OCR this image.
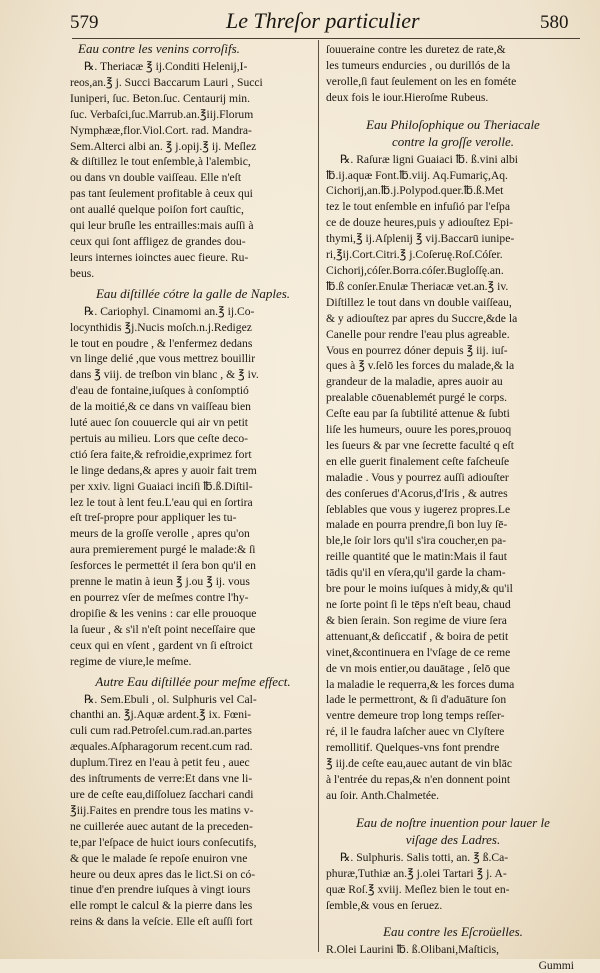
579	Le Threſor particulier	580
Eau contre les venins corroſifs.
℞. Theriacæ ℥ ij.Conditi Helenij,I-
reos,an.℥ j. Succi Baccarum Lauri , Succi
Iuniperi, ſuc. Beton.ſuc. Centaurij min.
ſuc. Verbaſci,ſuc.Marrub.an.℥iij.Florum
Nymphææ,flor.Viol.Cort. rad. Mandra-
Sem.Alterci albi an. ℥ j.opij.℥ ij. Meſlez
& diſtillez le tout enſemble,à l'alembic,
ou dans vn double vaiſſeau. Elle n'eſt
pas tant ſeulement profitable à ceux qui
ont auallé quelque poiſon fort cauſtic,
qui leur bruſle les entrailles:mais auſſi à
ceux qui ſont affligez de grandes dou-
leurs internes ioinctes auec fieure. Ru-
beus.
Eau diſtillée cótre la galle de Naples.
℞. Cariophyl. Cinamomi an.℥ ij.Co-
locynthidis ℥j.Nucis moſch.n.j.Redigez
le tout en poudre , & l'enfermez dedans
vn linge delié ,que vous mettrez bouillir
dans ℥ viij. de treſbon vin blanc , & ℥ iv.
d'eau de fontaine,iuſques à conſomptió
de la moitié,& ce dans vn vaiſſeau bien
luté auec ſon couuercle qui air vn petit
pertuis au milieu. Lors que ceſte deco-
ctió ſera faite,& refroidie,exprimez fort
le linge dedans,& apres y auoir fait trem
per xxiv. ligni Guaiaci inciſi ℔.ß.Diſtil-
lez le tout à lent feu.L'eau qui en ſortira
eſt treſ-propre pour appliquer les tu-
meurs de la groſſe verolle , apres qu'on
aura premierement purgé le malade:& ſi
ſesforces le permettét il ſera bon qu'il en
prenne le matin à ieun ℥ j.ou ℥ ij. vous
en pourrez vſer de meſmes contre l'hy-
dropiſie & les venins : car elle prouoque
la ſueur , & s'il n'eſt point neceſſaire que
ceux qui en vſent , gardent vn ſi eſtroict
regime de viure,le meſme.
Autre Eau diſtillée pour meſme effect.
℞. Sem.Ebuli , ol. Sulphuris vel Cal-
chanthi an. ℥j.Aquæ ardent.℥ ix. Fœni-
culi cum rad.Petroſel.cum.rad.an.partes
æquales.Aſpharagorum recent.cum rad.
duplum.Tirez en l'eau à petit feu , auec
des inſtruments de verre:Et dans vne li-
ure de ceſte eau,diſſoluez ſacchari candi
℥iij.Faites en prendre tous les matins v-
ne cuillerée auec autant de la preceden-
te,par l'eſpace de huict iours conſecutifs,
& que le malade ſe repoſe enuiron vne
heure ou deux apres das le lict.Si on có-
tinue d'en prendre iuſques à vingt iours
elle rompt le calcul & la pierre dans les
reins & dans la veſcie. Elle eſt auſſi fort
ſouueraine contre les duretez de rate,&
les tumeurs endurcies , ou durillós de la
verolle,ſi faut ſeulement on les en fométe
deux fois le iour.Hieroſme Rubeus.
Eau Philoſophique ou Theriacale
contre la groſſe verolle.
℞. Raſuræ ligni Guaiaci ℔. ß.vini albi
℔.ij.aquæ Font.℔.viij. Aq.Fumariç,Aq.
Cichorij,an.℔.j.Polypod.quer.℔.ß.Met
tez le tout enſemble en infuſió par l'eſpa
ce de douze heures,puis y adiouſtez Epi-
thymi,℥ ij.Aſplenij ℥ vij.Baccarū iunipe-
ri,℥ij.Cort.Citri.℥ j.Coſeruę.Roſ.Cóſer.
Cichorij,cóſer.Borra.cóſer.Bugloſſę.an.
℔.ß conſer.Enulæ Theriacæ vet.an.℥ iv.
Diſtillez le tout dans vn double vaiſſeau,
& y adiouſtez par apres du Succre,&de la
Canelle pour rendre l'eau plus agreable.
Vous en pourrez dóner depuis ℥ iij. iuſ-
ques à ℥ v.ſelō les forces du malade,& la
grandeur de la maladie, apres auoir au
prealable cōuenablemét purgé le corps.
Ceſte eau par ſa ſubtilité attenue & ſubti
liſe les humeurs, ouure les pores,prouoq
les ſueurs & par vne ſecrette faculté q eſt
en elle guerit finalement ceſte faſcheuſe
maladie . Vous y pourrez auſſi adiouſter
des conſerues d'Acorus,d'Iris , & autres
ſeblables que vous y iugerez propres.Le
malade en pourra prendre,ſi bon luy ſē-
ble,le ſoir lors qu'il s'ira coucher,en pa-
reille quantité que le matin:Mais il faut
tādis qu'il en vſera,qu'il garde la cham-
bre pour le moins iuſques à midy,& qu'il
ne ſorte point ſi le tēps n'eſt beau, chaud
& bien ſerain. Son regime de viure ſera
attenuant,& deſiccatif , & boira de petit
vinet,&continuera en l'vſage de ce reme
de vn mois entier,ou dauātage , ſelō que
la maladie le requerra,& les forces duma
lade le permettront, & ſi d'aduāture ſon
ventre demeure trop long temps reſſer-
ré, il le faudra laſcher auec vn Clyſtere
remollitif. Quelques-vns font prendre
℥ iij.de ceſte eau,auec autant de vin blāc
à l'entrée du repas,& n'en donnent point
au ſoir. Anth.Chalmetée.
Eau de noſtre inuention pour lauer le
viſage des Ladres.
℞. Sulphuris. Salis totti, an. ℥ ß.Ca-
phuræ,Tuthiæ an.℥ j.olei Tartari ℥ j. A-
quæ Roſ.℥ xviij. Meſlez bien le tout en-
ſemble,& vous en ſeruez.
Eau contre les Eſcroüelles.
R.Olei Laurini ℔. ß.Olibani,Maſticis,
Gummi
